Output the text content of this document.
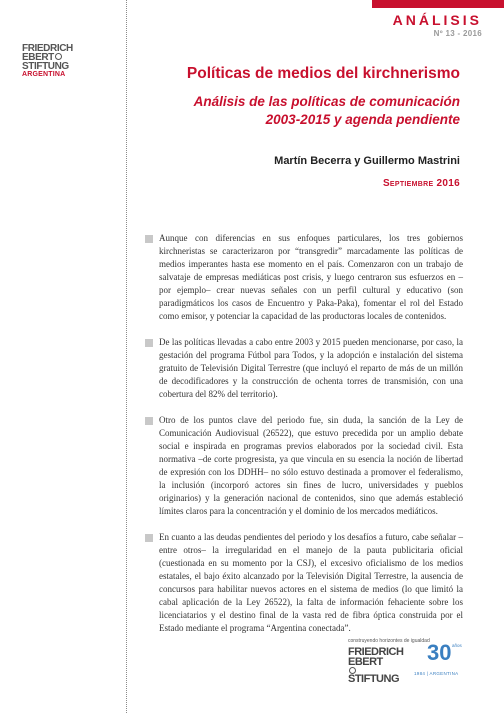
ANÁLISIS
Nº 13 - 2016
FRIEDRICH
EBERT
STIFTUNG
ARGENTINA	Políticas de medios del kirchnerismo
Análisis de las políticas de comunicación
2003-2015 y agenda pendiente
Martín Becerra y Guillermo Mastrini
Septiembre 2016
Aunque con diferencias en sus enfoques particulares, los tres gobiernos kirchneristas se caracterizaron por “transgredir” marcadamente las políticas de medios imperantes hasta ese momento en el país. Comenzaron con un trabajo de salvataje de empresas mediáticas post crisis, y luego centraron sus esfuerzos en –por ejemplo– crear nuevas señales con un perfil cultural y educativo (son paradigmáticos los casos de Encuentro y Paka-Paka), fomentar el rol del Estado como emisor, y potenciar la capacidad de las productoras locales de contenidos.
De las políticas llevadas a cabo entre 2003 y 2015 pueden mencionarse, por caso, la gestación del programa Fútbol para Todos, y la adopción e instalación del sistema gratuito de Televisión Digital Terrestre (que incluyó el reparto de más de un millón de decodificadores y la construcción de ochenta torres de transmisión, con una cobertura del 82% del territorio).
Otro de los puntos clave del periodo fue, sin duda, la sanción de la Ley de Comunicación Audiovisual (26522), que estuvo precedida por un amplio debate social e inspirada en programas previos elaborados por la sociedad civil. Esta normativa –de corte progresista, ya que vincula en su esencia la noción de libertad de expresión con los DDHH– no sólo estuvo destinada a promover el federalismo, la inclusión (incorporó actores sin fines de lucro, universidades y pueblos originarios) y la generación nacional de contenidos, sino que además estableció límites claros para la concentración y el dominio de los mercados mediáticos.
En cuanto a las deudas pendientes del periodo y los desafíos a futuro, cabe señalar –entre otros– la irregularidad en el manejo de la pauta publicitaria oficial (cuestionada en su momento por la CSJ), el excesivo oficialismo de los medios estatales, el bajo éxito alcanzado por la Televisión Digital Terrestre, la ausencia de concursos para habilitar nuevos actores en el sistema de medios (lo que limitó la cabal aplicación de la Ley 26522), la falta de información fehaciente sobre los licenciatarios y el destino final de la vasta red de fibra óptica construida por el Estado mediante el programa “Argentina conectada”.
construyendo horizontes de igualdad
FRIEDRICH
EBERT
STIFTUNG
30 años
1984 | ARGENTINA
